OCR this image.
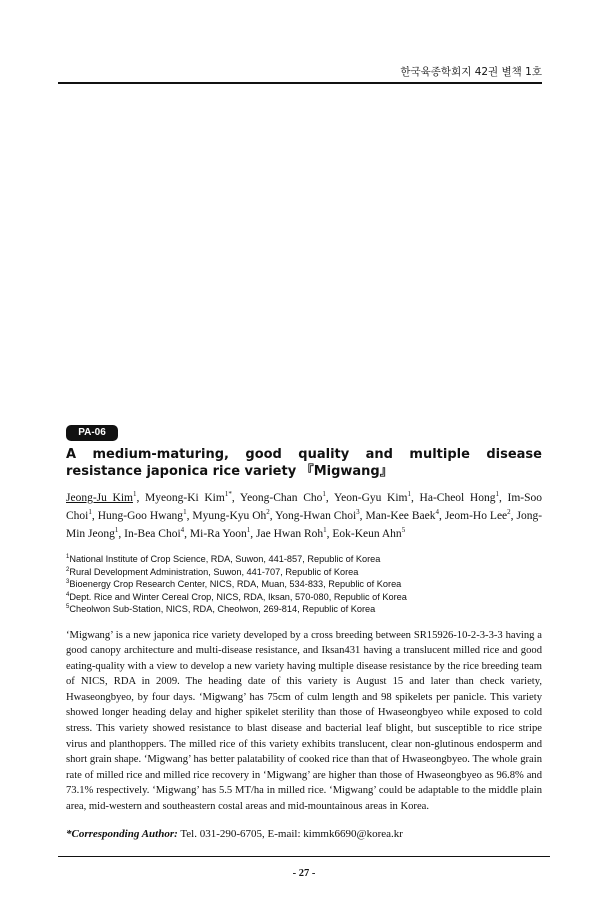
한국육종학회지 42권 별책 1호
PA-06
A medium-maturing, good quality and multiple disease resistance japonica rice variety 『Migwang』
Jeong-Ju Kim$^1$, Myeong-Ki Kim$^{1*}$, Yeong-Chan Cho$^1$, Yeon-Gyu Kim$^1$, Ha-Cheol Hong$^1$, Im-Soo Choi$^1$, Hung-Goo Hwang$^1$, Myung-Kyu Oh$^2$, Yong-Hwan Choi$^3$, Man-Kee Baek$^4$, Jeom-Ho Lee$^2$, Jong-Min Jeong$^1$, In-Bea Choi$^4$, Mi-Ra Yoon$^1$, Jae Hwan Roh$^1$, Eok-Keun Ahn$^5$
$^1$National Institute of Crop Science, RDA, Suwon, 441-857, Republic of Korea
$^2$Rural Development Administration, Suwon, 441-707, Republic of Korea
$^3$Bioenergy Crop Research Center, NICS, RDA, Muan, 534-833, Republic of Korea
$^4$Dept. Rice and Winter Cereal Crop, NICS, RDA, Iksan, 570-080, Republic of Korea
$^5$Cheolwon Sub-Station, NICS, RDA, Cheolwon, 269-814, Republic of Korea
‘Migwang’ is a new japonica rice variety developed by a cross breeding between SR15926-10-2-3-3-3 having a good canopy architecture and multi-disease resistance, and Iksan431 having a translucent milled rice and good eating-quality with a view to develop a new variety having multiple disease resistance by the rice breeding team of NICS, RDA in 2009. The heading date of this variety is August 15 and later than check variety, Hwaseongbyeo, by four days. ‘Migwang’ has 75cm of culm length and 98 spikelets per panicle. This variety showed longer heading delay and higher spikelet sterility than those of Hwaseongbyeo while exposed to cold stress. This variety showed resistance to blast disease and bacterial leaf blight, but susceptible to rice stripe virus and planthoppers. The milled rice of this variety exhibits translucent, clear non-glutinous endosperm and short grain shape. ‘Migwang’ has better palatability of cooked rice than that of Hwaseongbyeo. The whole grain rate of milled rice and milled rice recovery in ‘Migwang’ are higher than those of Hwaseongbyeo as 96.8% and 73.1% respectively. ‘Migwang’ has 5.5 MT/ha in milled rice. ‘Migwang’ could be adaptable to the middle plain area, mid-western and southeastern costal areas and mid-mountainous areas in Korea.
*Corresponding Author: Tel. 031-290-6705, E-mail: kimmk6690@korea.kr
- 27 -
